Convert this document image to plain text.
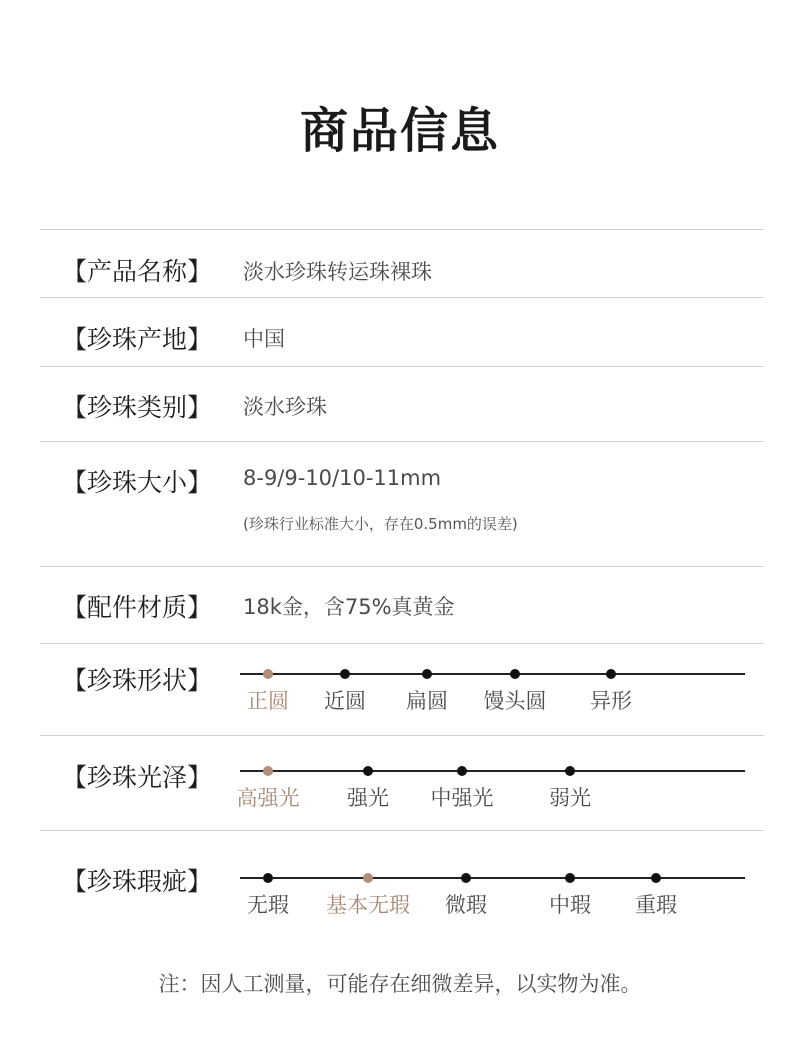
商品信息
【产品名称】 淡水珍珠转运珠裸珠
【珍珠产地】 中国
【珍珠类别】 淡水珍珠
【珍珠大小】 8-9/9-10/10-11mm
(珍珠行业标准大小，存在0.5mm的误差)
【配件材质】 18k金，含75%真黄金
【珍珠形状】
正圆 近圆 扁圆 馒头圆 异形
【珍珠光泽】
高强光 强光 中强光	弱光
【珍珠瑕疵】
无瑕 基本无瑕 微瑕	中瑕 重瑕
注：因人工测量，可能存在细微差异，以实物为准。
